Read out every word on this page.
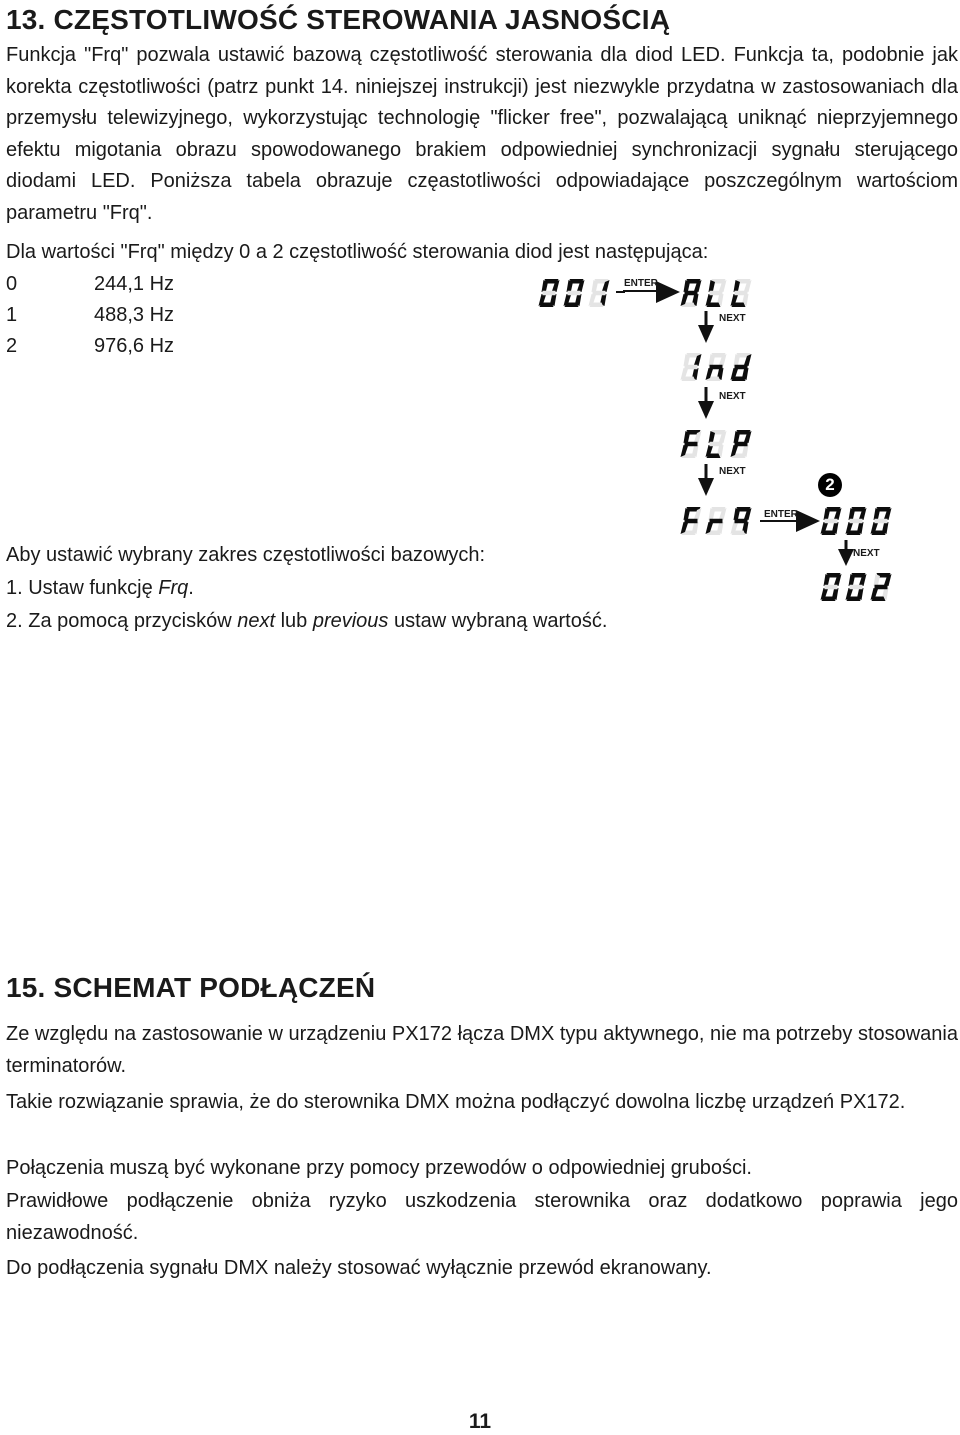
13. CZĘSTOTLIWOŚĆ STEROWANIA JASNOŚCIĄ
Funkcja "Frq" pozwala ustawić bazową częstotliwość sterowania dla diod LED. Funkcja ta, podobnie jak korekta częstotliwości (patrz punkt 14. niniejszej instrukcji) jest niezwykle przydatna w zastosowaniach dla przemysłu telewizyjnego, wykorzystując technologię "flicker free", pozwalającą uniknąć nieprzyjemnego efektu migotania obrazu spowodowanego brakiem odpowiedniej synchronizacji sygnału sterującego diodami LED. Poniższa tabela obrazuje częastotliwości odpowiadające poszczególnym wartościom parametru "Frq".
Dla wartości "Frq" między 0 a 2 częstotliwość sterowania diod jest następująca:
0	244,1 Hz
1	488,3 Hz
2	976,6 Hz
ENTER
NEXT
NEXT
NEXT
ENTER
NEXT
2
Aby ustawić wybrany zakres częstotliwości bazowych:
1. Ustaw funkcję Frq.
2. Za pomocą przycisków next lub previous ustaw wybraną wartość.
15. SCHEMAT PODŁĄCZEŃ
Ze względu na zastosowanie w urządzeniu PX172 łącza DMX typu aktywnego, nie ma potrzeby stosowania terminatorów.
Takie rozwiązanie sprawia, że do sterownika DMX można podłączyć dowolna liczbę urządzeń PX172.
Połączenia muszą być wykonane przy pomocy przewodów o odpowiedniej grubości.
Prawidłowe podłączenie obniża ryzyko uszkodzenia sterownika oraz dodatkowo poprawia jego niezawodność.
Do podłączenia sygnału DMX należy stosować wyłącznie przewód ekranowany.
11
